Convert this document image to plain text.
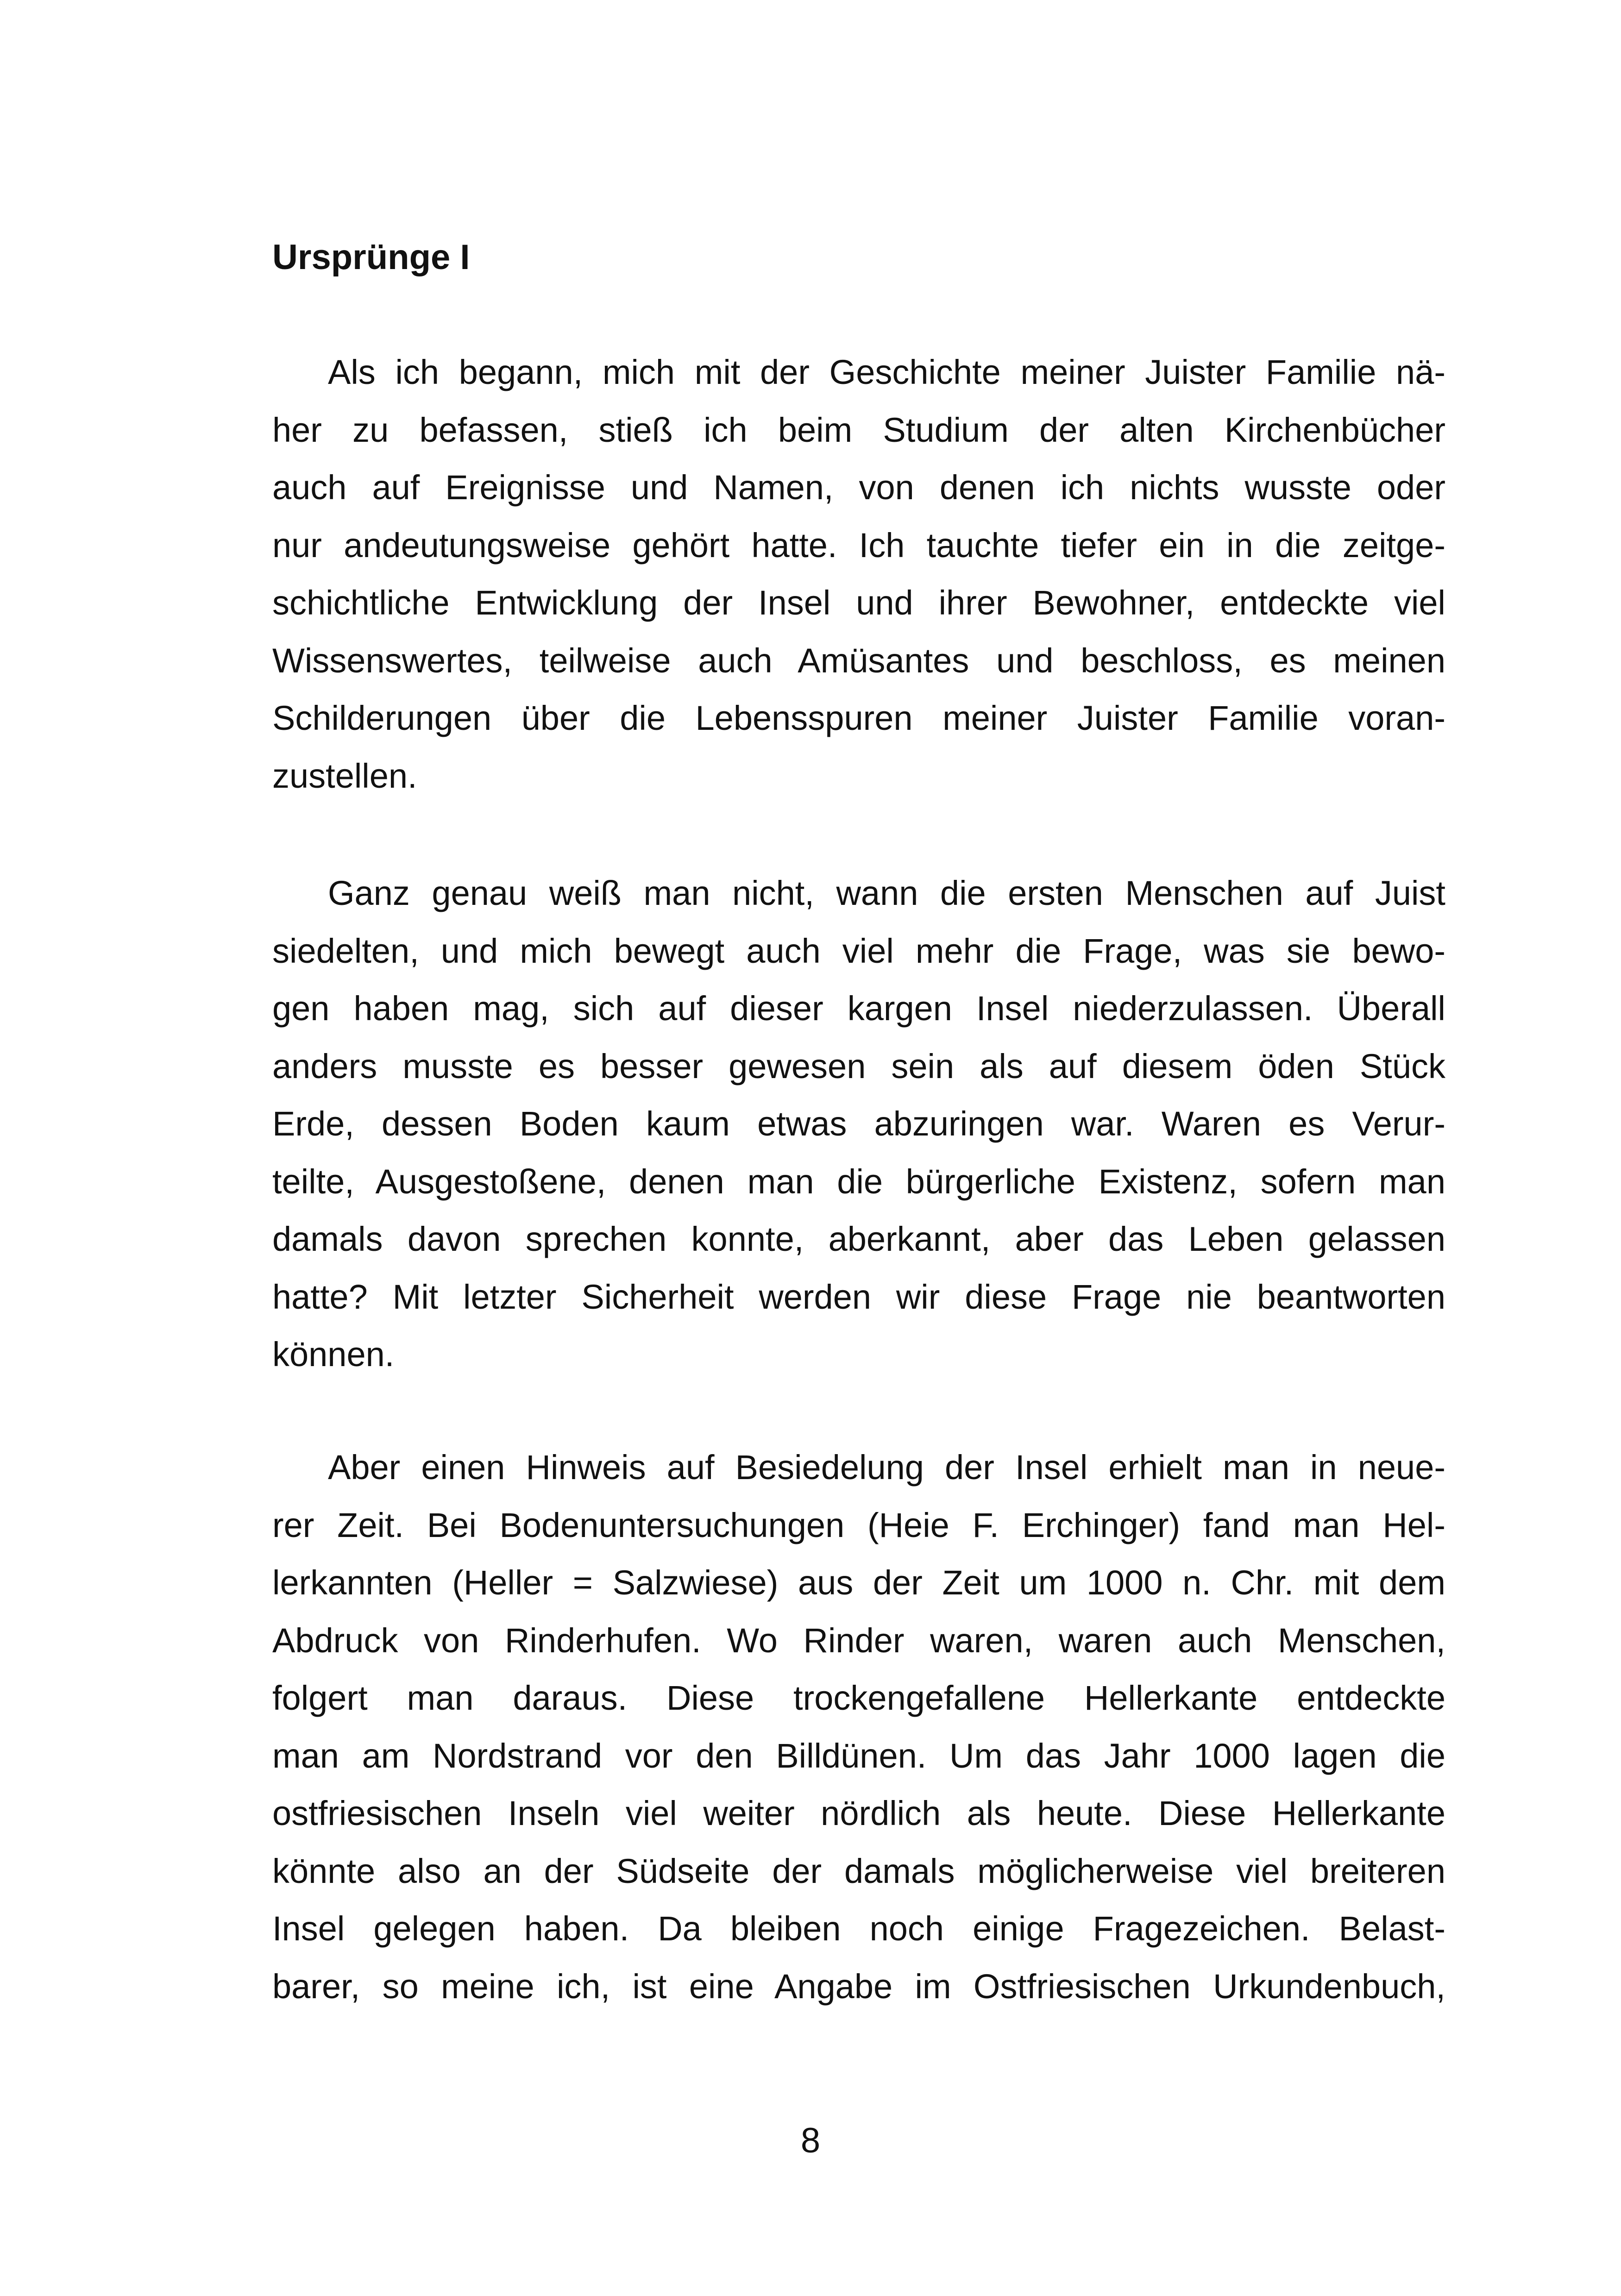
Ursprünge I
Als ich begann, mich mit der Geschichte meiner Juister Familie nä-
her zu befassen, stieß ich beim Studium der alten Kirchenbücher
auch auf Ereignisse und Namen, von denen ich nichts wusste oder
nur andeutungsweise gehört hatte. Ich tauchte tiefer ein in die zeitge-
schichtliche Entwicklung der Insel und ihrer Bewohner, entdeckte viel
Wissenswertes, teilweise auch Amüsantes und beschloss, es meinen
Schilderungen über die Lebensspuren meiner Juister Familie voran-
zustellen.
Ganz genau weiß man nicht, wann die ersten Menschen auf Juist
siedelten, und mich bewegt auch viel mehr die Frage, was sie bewo-
gen haben mag, sich auf dieser kargen Insel niederzulassen. Überall
anders musste es besser gewesen sein als auf diesem öden Stück
Erde, dessen Boden kaum etwas abzuringen war. Waren es Verur-
teilte, Ausgestoßene, denen man die bürgerliche Existenz, sofern man
damals davon sprechen konnte, aberkannt, aber das Leben gelassen
hatte? Mit letzter Sicherheit werden wir diese Frage nie beantworten
können.
Aber einen Hinweis auf Besiedelung der Insel erhielt man in neue-
rer Zeit. Bei Bodenuntersuchungen (Heie F. Erchinger) fand man Hel-
lerkannten (Heller = Salzwiese) aus der Zeit um 1000 n. Chr. mit dem
Abdruck von Rinderhufen. Wo Rinder waren, waren auch Menschen,
folgert man daraus. Diese trockengefallene Hellerkante entdeckte
man am Nordstrand vor den Billdünen. Um das Jahr 1000 lagen die
ostfriesischen Inseln viel weiter nördlich als heute. Diese Hellerkante
könnte also an der Südseite der damals möglicherweise viel breiteren
Insel gelegen haben. Da bleiben noch einige Fragezeichen. Belast-
barer, so meine ich, ist eine Angabe im Ostfriesischen Urkundenbuch,
8
